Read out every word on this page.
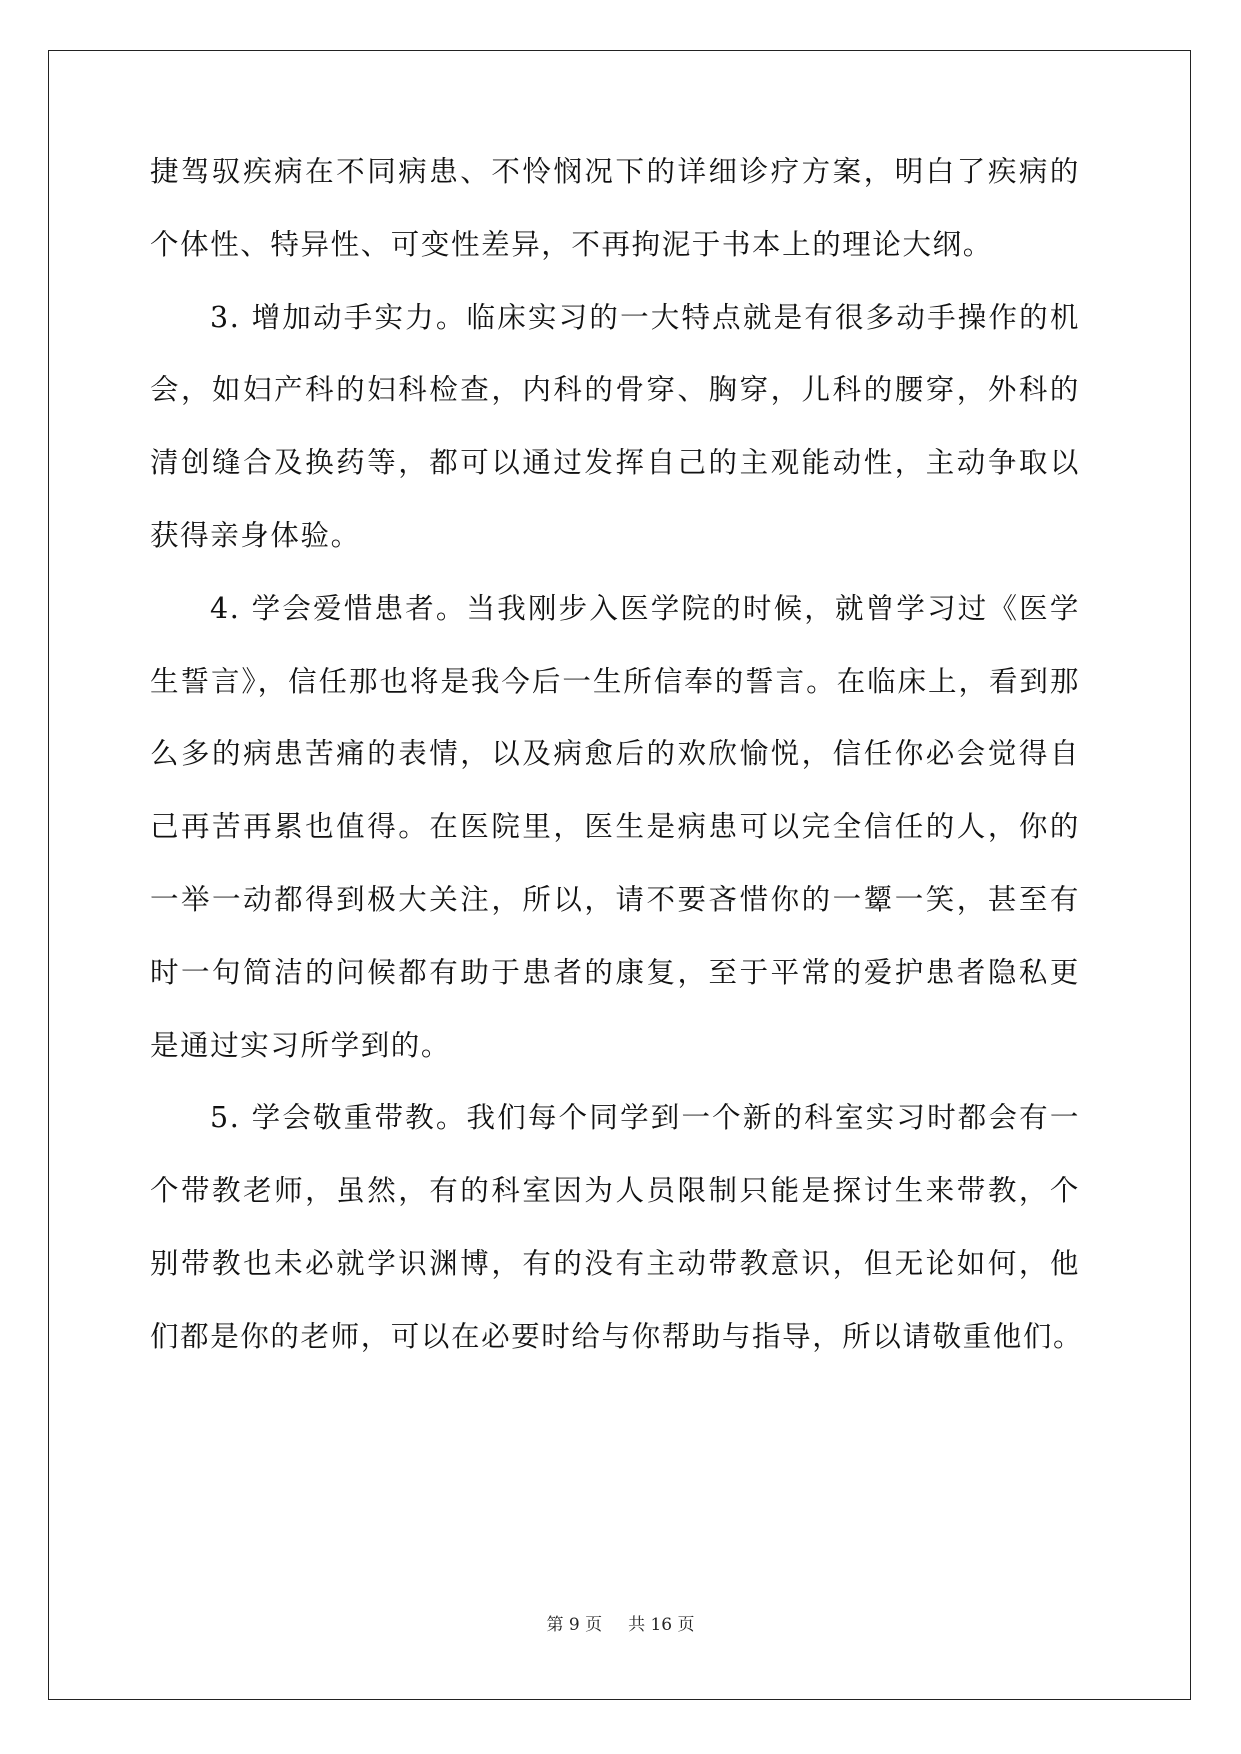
捷驾驭疾病在不同病患、不怜悯况下的详细诊疗方案，明白了疾病的
个体性、特异性、可变性差异，不再拘泥于书本上的理论大纲。
3. 增加动手实力。临床实习的一大特点就是有很多动手操作的机
会，如妇产科的妇科检查，内科的骨穿、胸穿，儿科的腰穿，外科的
清创缝合及换药等，都可以通过发挥自己的主观能动性，主动争取以
获得亲身体验。
4. 学会爱惜患者。当我刚步入医学院的时候，就曾学习过《医学
生誓言》，信任那也将是我今后一生所信奉的誓言。在临床上，看到那
么多的病患苦痛的表情，以及病愈后的欢欣愉悦，信任你必会觉得自
己再苦再累也值得。在医院里，医生是病患可以完全信任的人，你的
一举一动都得到极大关注，所以，请不要吝惜你的一颦一笑，甚至有
时一句简洁的问候都有助于患者的康复，至于平常的爱护患者隐私更
是通过实习所学到的。
5. 学会敬重带教。我们每个同学到一个新的科室实习时都会有一
个带教老师，虽然，有的科室因为人员限制只能是探讨生来带教，个
别带教也未必就学识渊博，有的没有主动带教意识，但无论如何，他
们都是你的老师，可以在必要时给与你帮助与指导，所以请敬重他们。
第 9 页 共 16 页
